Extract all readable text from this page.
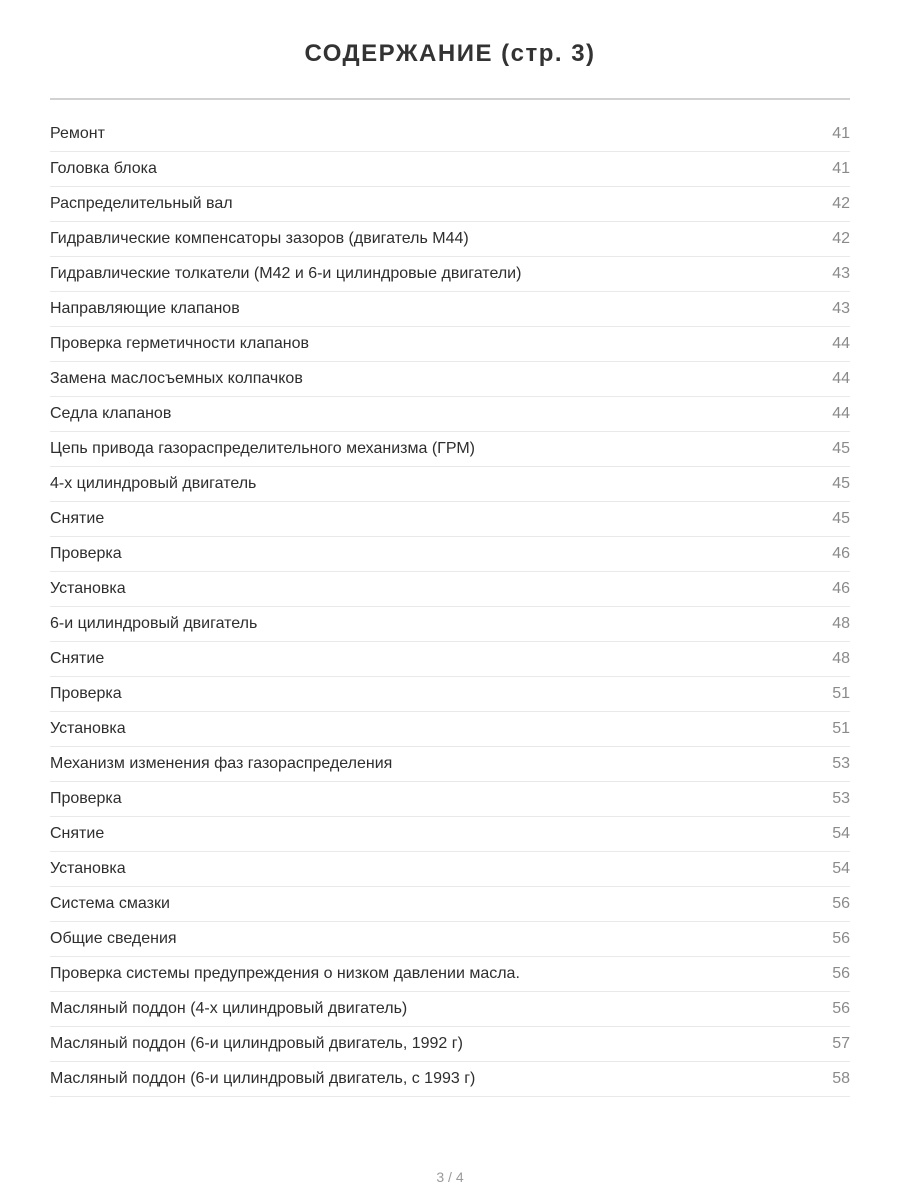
СОДЕРЖАНИЕ (стр. 3)
Ремонт	41
Головка блока	41
Распределительный вал	42
Гидравлические компенсаторы зазоров (двигатель М44)	42
Гидравлические толкатели (М42 и 6-и цилиндровые двигатели)	43
Направляющие клапанов	43
Проверка герметичности клапанов	44
Замена маслосъемных колпачков	44
Седла клапанов	44
Цепь привода газораспределительного механизма (ГРМ)	45
4-х цилиндровый двигатель	45
Снятие	45
Проверка	46
Установка	46
6-и цилиндровый двигатель	48
Снятие	48
Проверка	51
Установка	51
Механизм изменения фаз газораспределения	53
Проверка	53
Снятие	54
Установка	54
Система смазки	56
Общие сведения	56
Проверка системы предупреждения о низком давлении масла.	56
Масляный поддон (4-х цилиндровый двигатель)	56
Масляный поддон (6-и цилиндровый двигатель, 1992 г)	57
Масляный поддон (6-и цилиндровый двигатель, с 1993 г)	58
3 / 4
